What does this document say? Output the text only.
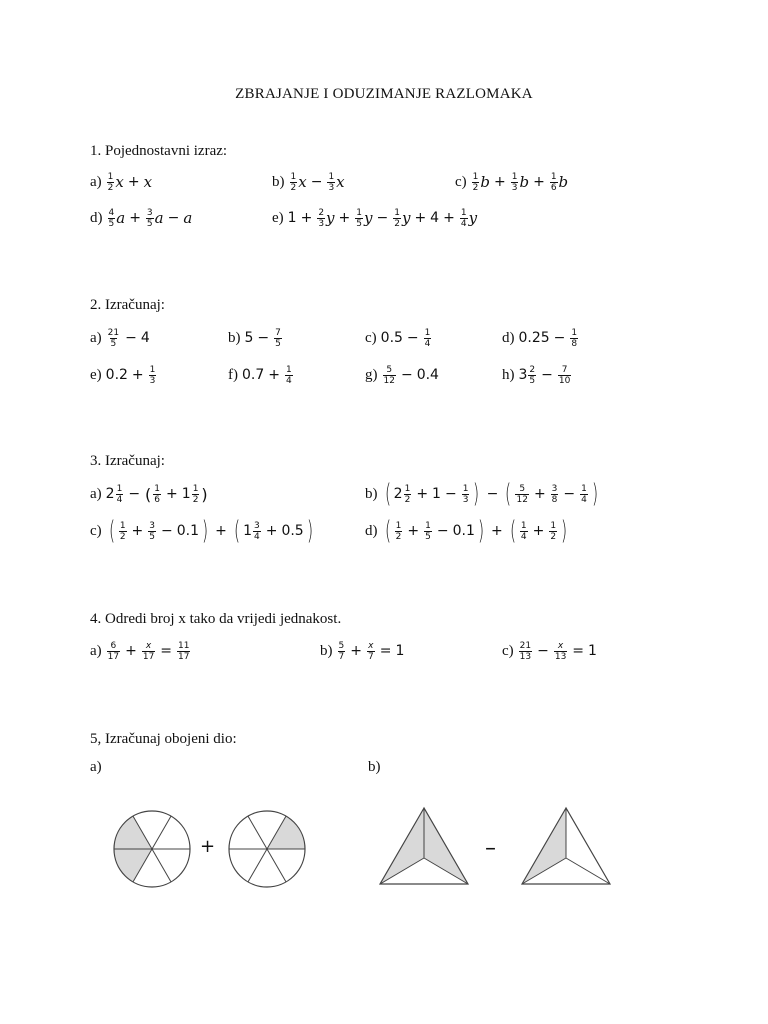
ZBRAJANJE I ODUZIMANJE RAZLOMAKA
1. Pojednostavni izraz:
$a) \frac{1}{2}$ x + x	$b) \frac{1}{2}$ $x - \frac{1}{3}$ x	$c) \frac{1}{2}$ $b + \frac{1}{3}$ $b + \frac{1}{6}$ b
$d) \frac{4}{5}$ $a + \frac{3}{5}$ a − a	e) $1 + \frac{2}{3}$ $y + \frac{1}{5}$ $y - \frac{1}{2}$ $y + 4 + \frac{1}{4}$ y
2. Izračunaj:
$a) \frac{21}{5} - 4$	b) $5 - \frac{7}{5}$	c) $0.5 - \frac{1}{4}$	d) $0.25 - \frac{1}{8}$
e) $0.2 + \frac{1}{3}$	f) $0.7 + \frac{1}{4}$	$g) \frac{5}{12} - 0.4$	h) $3 \frac{2}{5} - \frac{7}{10}$
3. Izračunaj:
a) $2 \frac{1}{4}$ − ( $\frac{1}{6} + 1 \frac{1}{2}$ )	b) ( $2 \frac{1}{2} + 1 - \frac{1}{3}$ ) − ( $\frac{5}{12} + \frac{3}{8} - \frac{1}{4}$ )
c) ( $\frac{1}{2} + \frac{3}{5} - 0.1$ ) + ( $1 \frac{3}{4} + 0.5$ )	d) ( $\frac{1}{2} + \frac{1}{5} - 0.1$ ) + ( $\frac{1}{4} + \frac{1}{2}$ )
4. Odredi broj x tako da vrijedi jednakost.
$a) \frac{6}{17} + \frac{x}{17} = \frac{11}{17}$	$b) \frac{5}{7} + \frac{x}{7} = 1$	$c) \frac{21}{13} - \frac{x}{13} = 1$
5, Izračunaj obojeni dio:
a)	b)
+	–
